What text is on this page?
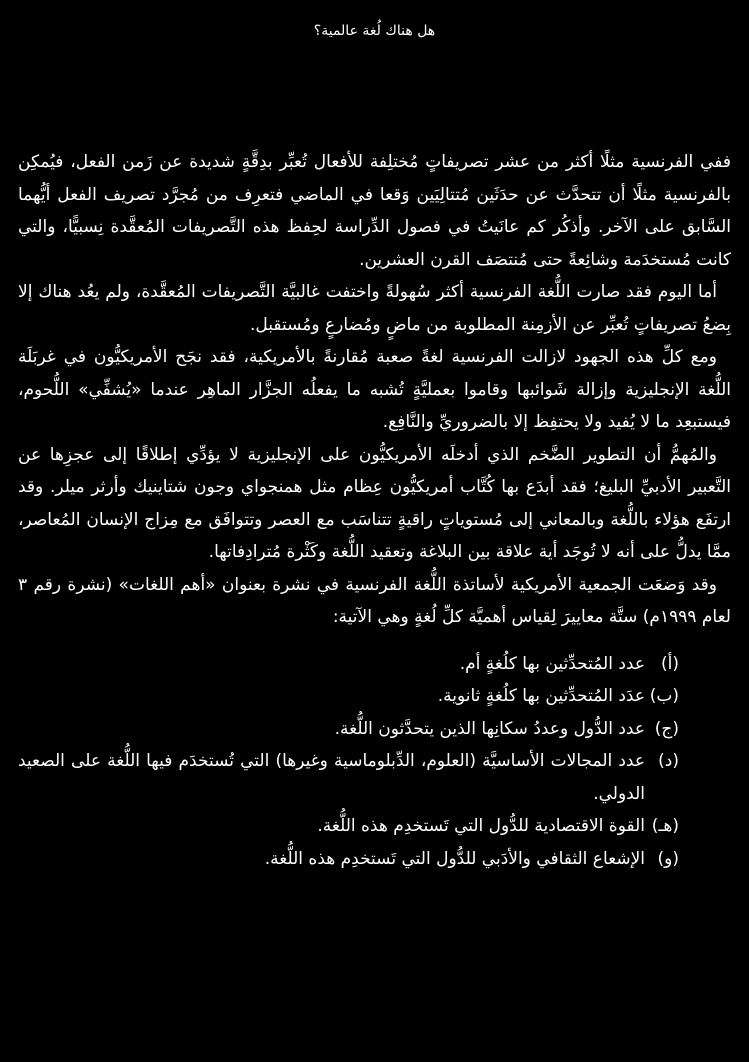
هل هناك لُغة عالمية؟

ففي الفرنسية مثلًا أكثر من عشر تصريفاتٍ مُختلِفة للأفعال تُعبِّر بدِقَّةٍ شديدة عن زَمن الفعل، فيُمكِن بالفرنسية مثلًا أن تتحدَّث عن حدَثَين مُتتالِيَين وَقعا في الماضي فتعرِف من مُجرَّد تصريف الفعل أيُّهما السَّابق على الآخر. وأذكُر كم عانَيتُ في فصول الدِّراسة لحِفظ هذه التَّصريفات المُعقَّدة نِسبيًّا، والتي كانت مُستخدَمة وشائِعةً حتى مُنتصَف القرن العشرين.

أما اليوم فقد صارت اللُّغة الفرنسية أكثر سُهولةً واختفت غالبيَّة التَّصريفات المُعقَّدة، ولم يعُد هناك إلا بِضعُ تصريفاتٍ تُعبِّر عن الأزمِنة المطلوبة من ماضٍ ومُضارعٍ ومُستقبل.

ومع كلِّ هذه الجهود لازالت الفرنسية لغةً صعبة مُقارنةً بالأمريكية، فقد نجَح الأمريكيُّون في غربَلَة اللُّغة الإنجليزية وإزالة شَوائبها وقاموا بعمليَّةٍ تُشبه ما يفعلُه الجزَّار الماهِر عندما «يُشفِّي» اللُّحوم، فيستبعِد ما لا يُفيد ولا يحتفِظ إلا بالضروريِّ والنَّافِع.

والمُهمُّ أن التطوير الضَّخم الذي أدخلَه الأمريكيُّون على الإنجليزية لا يؤدِّي إطلاقًا إلى عجزِها عن التَّعبير الأدبيِّ البليغ؛ فقد أبدَع بها كُتَّاب أمريكيُّون عِظام مثل همنجواي وجون شتاينيك وأرثر ميلر. وقد ارتفَع هؤلاء باللُّغة وبالمعاني إلى مُستوياتٍ راقيةٍ تتناسَب مع العصر وتتوافَق مع مِزاج الإنسان المُعاصر، ممَّا يدلُّ على أنه لا تُوجَد أية علاقة بين البلاغة وتعقيد اللُّغة وكَثْرة مُترادِفاتها.

وقد وَضعَت الجمعية الأمريكية لأساتذة اللُّغة الفرنسية في نشرة بعنوان «أهم اللغات» (نشرة رقم ٣ لعام ١٩٩٩م) ستَّة معاييرَ لِقياس أهميَّة كلِّ لُغةٍ وهي الآتية:

(أ)
عدد المُتحدِّثين بها كلُغةٍ أم.
(ب)
عدَد المُتحدِّثين بها كلُغةٍ ثانوية.
(ج)
عدد الدُّول وعددُ سكانِها الذين يتحدَّثون اللُّغة.
(د)
عدد المجالات الأساسيَّة (العلوم، الدِّبلوماسية وغيرها) التي تُستخدَم فيها اللُّغة على الصعيد الدولي.
(هـ)
القوة الاقتصادية للدُّول التي تَستخدِم هذه اللُّغة.
(و)
الإشعاع الثقافي والأدَبي للدُّول التي تَستخدِم هذه اللُّغة.
